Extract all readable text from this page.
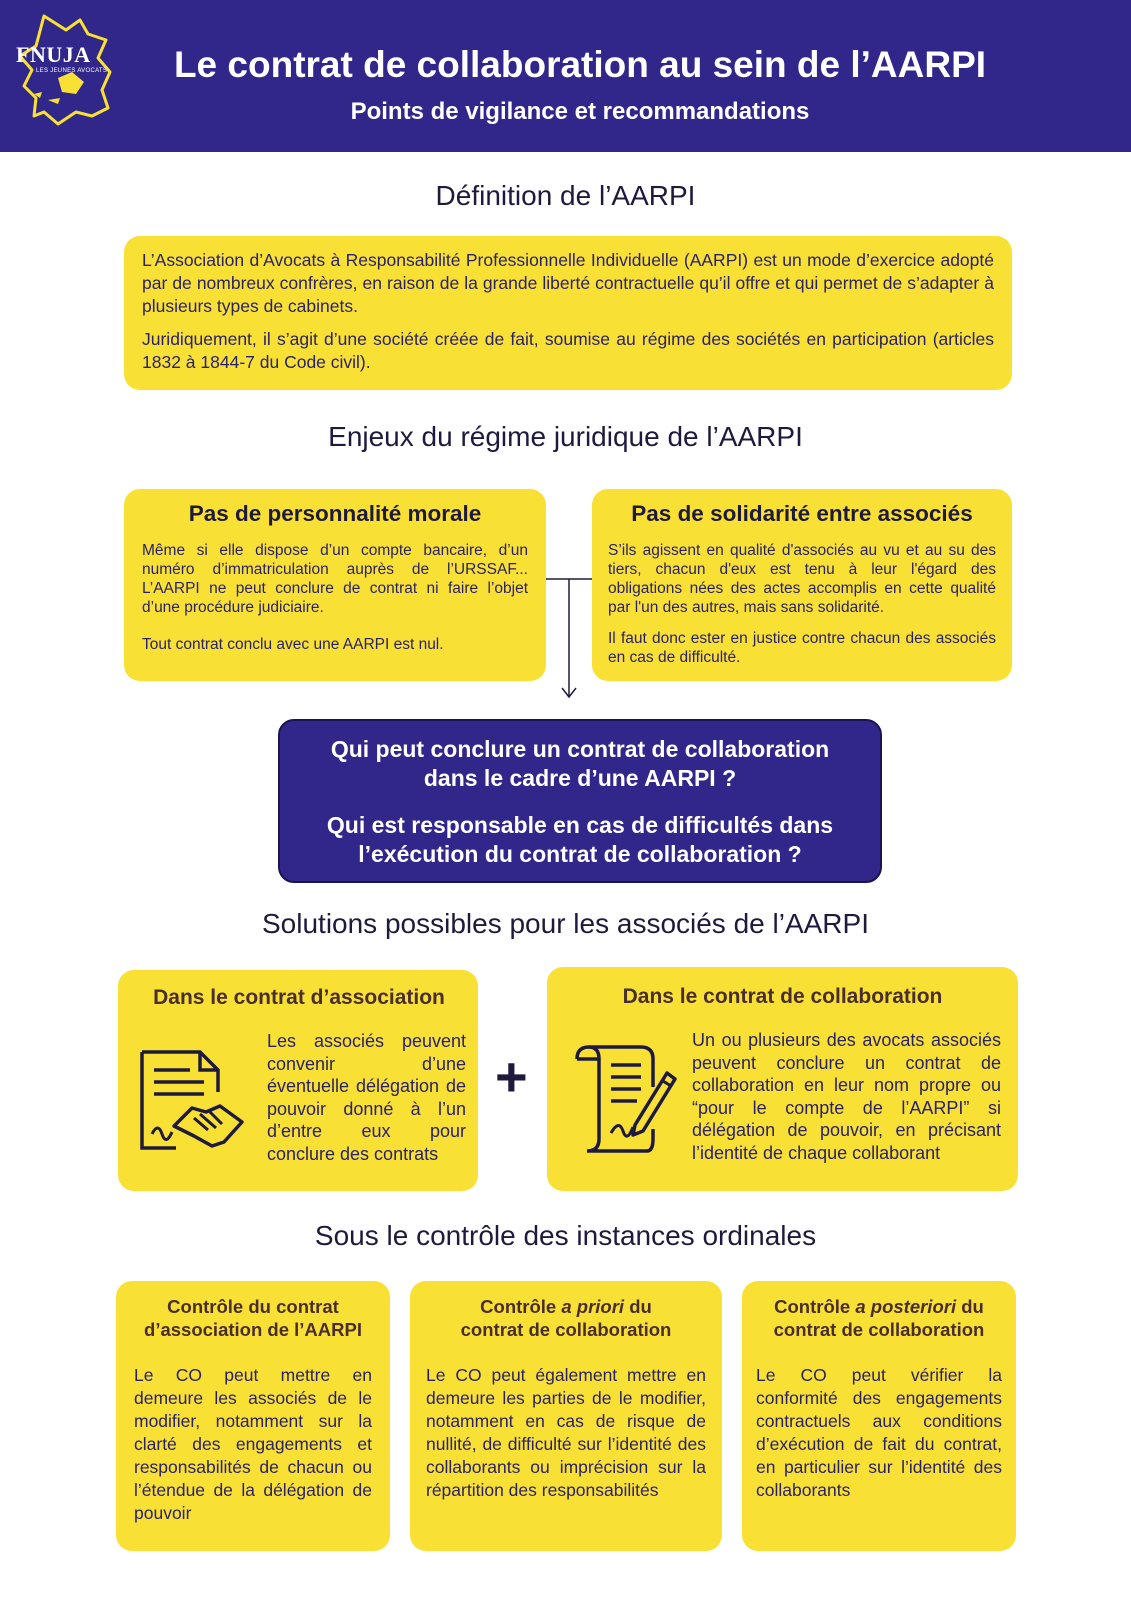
FNUJA
LES JEUNES AVOCATS	Le contrat de collaboration au sein de l’AARPI
Points de vigilance et recommandations
Définition de l’AARPI

L’Association d’Avocats à Responsabilité Professionnelle Individuelle (AARPI) est un mode d’exercice adopté par de nombreux confrères, en raison de la grande liberté contractuelle qu’il offre et qui permet de s’adapter à plusieurs types de cabinets.

Juridiquement, il s’agit d’une société créée de fait, soumise au régime des sociétés en participation (articles 1832 à 1844-7 du Code civil).

Enjeux du régime juridique de l’AARPI
Pas de personnalité morale

Même si elle dispose d’un compte bancaire, d’un numéro d’immatriculation auprès de l’URSSAF... L’AARPI ne peut conclure de contrat ni faire l’objet d’une procédure judiciaire.

Tout contrat conclu avec une AARPI est nul.

Pas de solidarité entre associés

S’ils agissent en qualité d'associés au vu et au su des tiers, chacun d'eux est tenu à leur l'égard des obligations nées des actes accomplis en cette qualité par l'un des autres, mais sans solidarité.

Il faut donc ester en justice contre chacun des associés en cas de difficulté.

Qui peut conclure un contrat de collaboration
dans le cadre d’une AARPI ?
Qui est responsable en cas de difficultés dans
l’exécution du contrat de collaboration ?
Solutions possibles pour les associés de l’AARPI
Dans le contrat d’association

Les associés peuvent convenir d’une éventuelle délégation de pouvoir donné à l’un d’entre eux pour conclure des contrats

+
Dans le contrat de collaboration

Un ou plusieurs des avocats associés peuvent conclure un contrat de collaboration en leur nom propre ou “pour le compte de l’AARPI” si délégation de pouvoir, en précisant l’identité de chaque collaborant

Sous le contrôle des instances ordinales
Contrôle du contrat
d’association de l’AARPI

Le CO peut mettre en demeure les associés de le modifier, notamment sur la clarté des engagements et responsabilités de chacun ou l’étendue de la délégation de pouvoir

Contrôle a priori du
contrat de collaboration

Le CO peut également mettre en demeure les parties de le modifier, notamment en cas de risque de nullité, de difficulté sur l’identité des collaborants ou imprécision sur la répartition des responsabilités

Contrôle a posteriori du
contrat de collaboration

Le CO peut vérifier la conformité des engagements contractuels aux conditions d’exécution de fait du contrat, en particulier sur l’identité des collaborants
